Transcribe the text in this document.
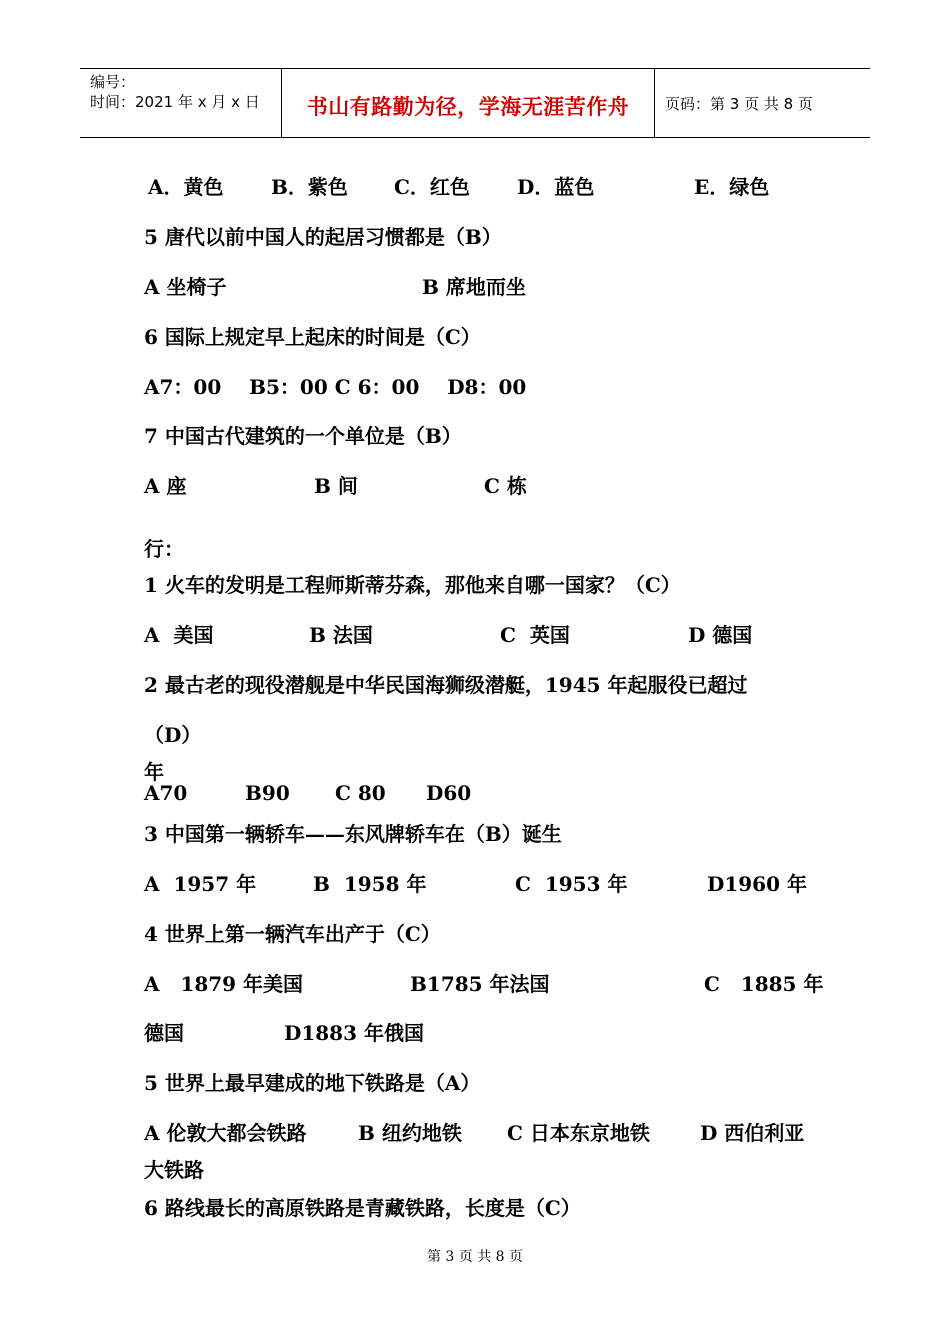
编号：
时间：2021 年 x 月 x 日	书山有路勤为径，学海无涯苦作舟	页码：第 3 页 共 8 页
A．黄色 B．紫色 C．红色 D．蓝色	E．绿色
5 唐代以前中国人的起居习惯都是（B）
A 坐椅子	B 席地而坐
6 国际上规定早上起床的时间是（C）
A7：00    B5：00 C 6：00    D8：00
7 中国古代建筑的一个单位是（B）
A 座	B 间	C 栋
行：
1 火车的发明是工程师斯蒂芬森，那他来自哪一国家？（C）
A  美国	B 法国	C  英国	D 德国
2 最古老的现役潜舰是中华民国海狮级潜艇，1945 年起服役已超过
（D）
年
A70	B90 C 80 D60
3 中国第一辆轿车——东风牌轿车在（B）诞生
A  1957 年	B  1958 年	C  1953 年	D1960 年
4 世界上第一辆汽车出产于（C）
A   1879 年美国	B1785 年法国	C   1885 年
德国	D1883 年俄国
5 世界上最早建成的地下铁路是（A）
A 伦敦大都会铁路	B 纽约地铁 C 日本东京地铁	D 西伯利亚
大铁路
6 路线最长的高原铁路是青藏铁路，长度是（C）
第 3 页 共 8 页
